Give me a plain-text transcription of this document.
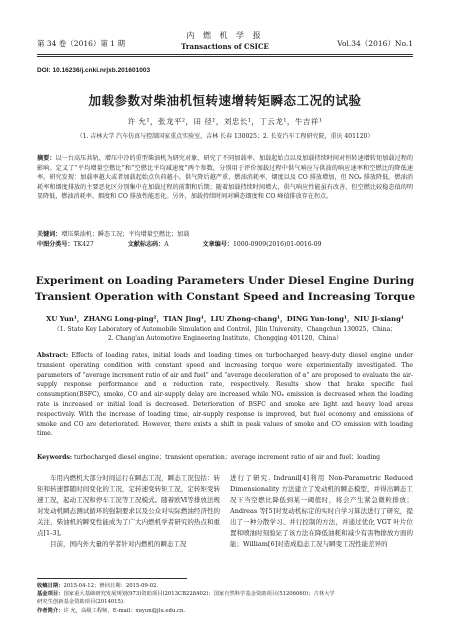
第 34 卷（2016）第 1 期
内 燃 机 学 报
Transactions of CSICE	Vol.34（2016）No.1
DOI: 10.16236/j.cnki.nrjxb.201601003
加载参数对柴油机恒转速增转矩瞬态工况的试验
许 允¹，张龙平²，田 径¹，刘忠长¹，丁云龙¹，牛吉祥¹
（1. 吉林大学 汽车仿真与控制国家重点实验室，吉林 长春 130025；2. 长安汽车工程研究院，重庆 401120）
摘要：以一台高压共轨、增压中冷的重型柴油机为研究对象，研究了不同加载率、加载起始点以及加载持续时间对恒转速增转矩加载过程的影响。定义了“平均增量空燃比”和“空燃比平均减速度”两个参数，分别用于评价加载过程中供气响应与供油的响应速率和空燃比的降低速率。研究发现：加载率越大或者加载起始点负荷越小，供气降后越严重，燃油消耗率、烟度以及 CO 排放增加，但 NOₓ 排放降低。燃油消耗率和烟度排放的主要恶化区分别集中在加载过程的前期和后期；随着加载持续时间增大，供气响应性能虽有改善，但空燃比较稳态值的明显降低，燃油消耗率、烟度和 CO 排放性能恶化。另外，加载持续时间对瞬态烟度和 CO 峰值排放存在拐点。
关键词：增压柴油机；瞬态工况；平均增量空燃比；加载
中图分类号：TK427	文献标志码：A	文章编号：1000-0909(2016)01-0016-09
Experiment on Loading Parameters Under Diesel Engine During Transient Operation with Constant Speed and Increasing Torque
XU Yun¹，ZHANG Long-ping²，TIAN Jing¹，LIU Zhong-chang¹，DING Yun-long¹，NIU Ji-xiang¹
（1. State Key Laboratory of Automobile Simulation and Control，Jilin University，Changchun 130025，China；
2. Chang'an Automotive Engineering Institute，Chongqing 401120，China）
Abstract: Effects of loading rates, initial loads and loading times on turbocharged heavy-duty diesel engine under transient operating condition with constant speed and increasing torque were experimentally investigated. The parameters of “average increment ratio of air and fuel” and “average deceleration of α” are proposed to evaluate the air-supply response performance and α reduction rate, respectively. Results show that brake specific fuel consumption(BSFC), smoke, CO and air-supply delay are increased while NOₓ emission is decreased when the loading rate is increased or initial load is decreased. Deterioration of BSFC and smoke are light and heavy load areas respectively. With the increase of loading time, air-supply response is improved, but fuel economy and emissions of smoke and CO are deteriorated. However, there exists a shift in peak values of smoke and CO emission with loading time.
Keywords: turbocharged diesel engine；transient operation；average increment ratio of air and fuel；loading

车用内燃机大部分时间运行在瞬态工况，瞬态工况包括：转矩和转速都随时间变化的工况，定转速变转矩工况，定转矩变转速工况，起动工况和停车工况等工况模式。随着欧Ⅵ等排放法规对发动机瞬态测试循环的强制要求以及公众对实际燃油经济性的关注，柴油机的瞬变性能成为了广大内燃机学者研究的热点和重点[1-3]。

目前，国内外大量的学者针对内燃机的瞬态工况

进行了研究. Indranil[4]利用 Non-Parametric Reduced Dimensionality 方法建立了发动机的瞬态模型，并得出瞬态工况下当空燃比降低到某一阈值时，将会产生紧急微粒排放；Andreas 等[5]对发动机标定的实时自学习算法进行了研究，提出了一种分散学习、并行控制的方法，并通过优化 VGT 叶片位置和喷油时刻验证了该方法在降低油耗和减少有害物排放方面的能；William[6]对造成稳态工况与瞬变工况性能差异的

收稿日期：2015-04-12；修回日期：2015-09-02.
基金项目：国家重大基础研究发展规划(973)资助项目(2013CB228402)；国家自然科学基金资助项目(51206060)；吉林大学研究生创新基金资助项目(2014015).
作者简介：许 允，高级工程师，E-mail：xuyun@jlu.edu.cn.
